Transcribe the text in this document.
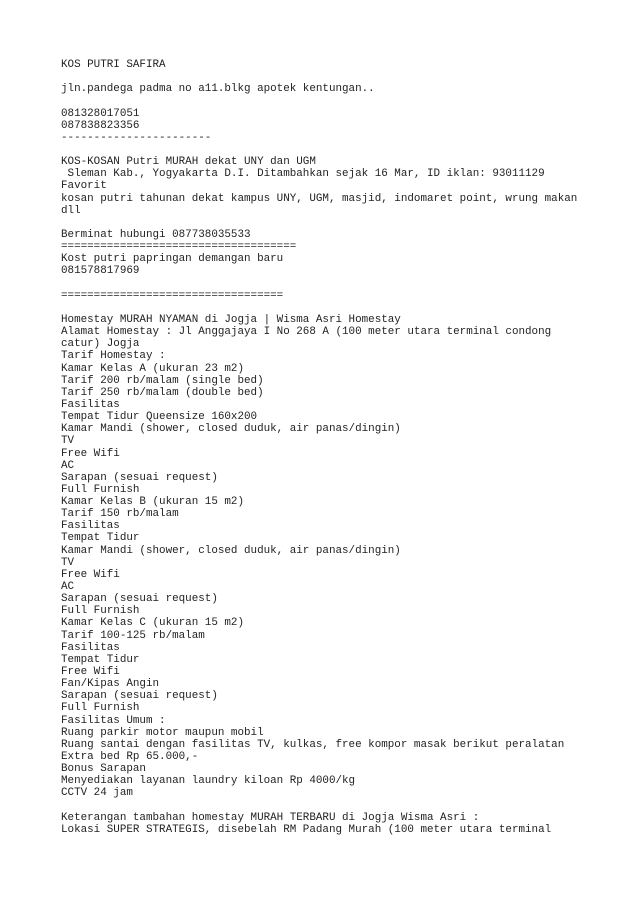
KOS PUTRI SAFIRA
jln.pandega padma no a11.blkg apotek kentungan..
081328017051
087838823356
-----------------------
KOS-KOSAN Putri MURAH dekat UNY dan UGM
Sleman Kab., Yogyakarta D.I. Ditambahkan sejak 16 Mar, ID iklan: 93011129
Favorit
kosan putri tahunan dekat kampus UNY, UGM, masjid, indomaret point, wrung makan
dll
Berminat hubungi 087738035533
====================================
Kost putri papringan demangan baru
081578817969
==================================
Homestay MURAH NYAMAN di Jogja | Wisma Asri Homestay
Alamat Homestay : Jl Anggajaya I No 268 A (100 meter utara terminal condong
catur) Jogja
Tarif Homestay :
Kamar Kelas A (ukuran 23 m2)
Tarif 200 rb/malam (single bed)
Tarif 250 rb/malam (double bed)
Fasilitas
Tempat Tidur Queensize 160x200
Kamar Mandi (shower, closed duduk, air panas/dingin)
TV
Free Wifi
AC
Sarapan (sesuai request)
Full Furnish
Kamar Kelas B (ukuran 15 m2)
Tarif 150 rb/malam
Fasilitas
Tempat Tidur
Kamar Mandi (shower, closed duduk, air panas/dingin)
TV
Free Wifi
AC
Sarapan (sesuai request)
Full Furnish
Kamar Kelas C (ukuran 15 m2)
Tarif 100-125 rb/malam
Fasilitas
Tempat Tidur
Free Wifi
Fan/Kipas Angin
Sarapan (sesuai request)
Full Furnish
Fasilitas Umum :
Ruang parkir motor maupun mobil
Ruang santai dengan fasilitas TV, kulkas, free kompor masak berikut peralatan
Extra bed Rp 65.000,-
Bonus Sarapan
Menyediakan layanan laundry kiloan Rp 4000/kg
CCTV 24 jam
Keterangan tambahan homestay MURAH TERBARU di Jogja Wisma Asri :
Lokasi SUPER STRATEGIS, disebelah RM Padang Murah (100 meter utara terminal
